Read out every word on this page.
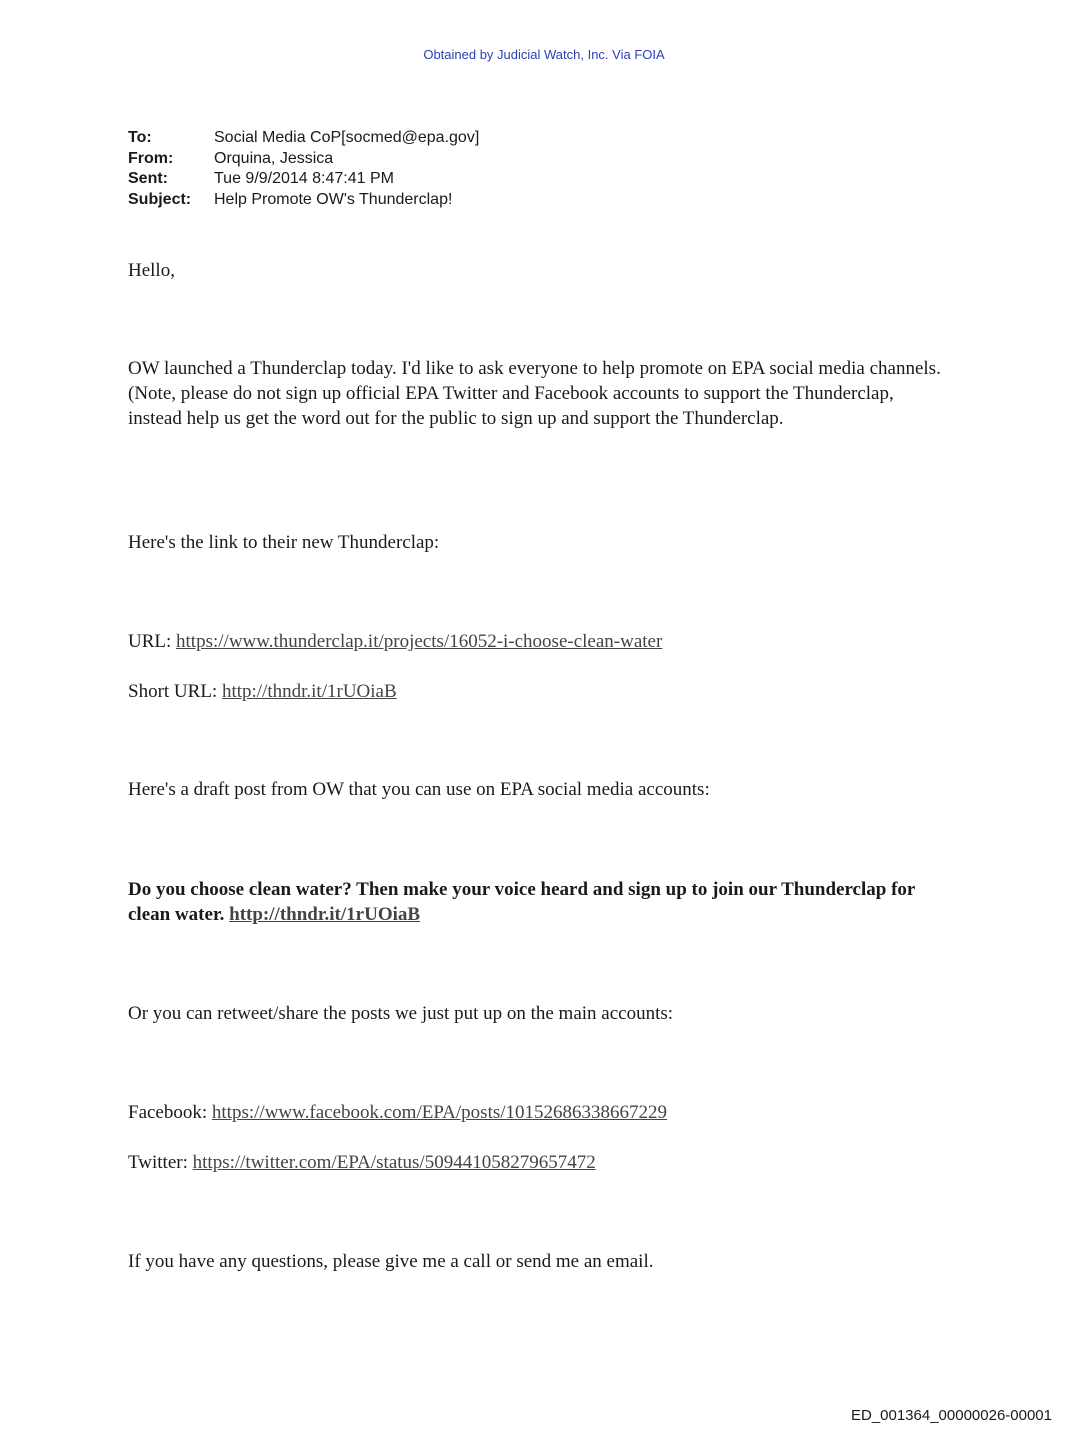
Obtained by Judicial Watch, Inc. Via FOIA
To:	Social Media CoP[socmed@epa.gov]
From:	Orquina, Jessica
Sent:	Tue 9/9/2014 8:47:41 PM
Subject:	Help Promote OW's Thunderclap!
Hello,
OW launched a Thunderclap today. I'd like to ask everyone to help promote on EPA social media channels. (Note, please do not sign up official EPA Twitter and Facebook accounts to support the Thunderclap, instead help us get the word out for the public to sign up and support the Thunderclap.
Here's the link to their new Thunderclap:
URL: https://www.thunderclap.it/projects/16052-i-choose-clean-water
Short URL: http://thndr.it/1rUOiaB
Here's a draft post from OW that you can use on EPA social media accounts:
Do you choose clean water? Then make your voice heard and sign up to join our Thunderclap for clean water. http://thndr.it/1rUOiaB
Or you can retweet/share the posts we just put up on the main accounts:
Facebook: https://www.facebook.com/EPA/posts/10152686338667229
Twitter: https://twitter.com/EPA/status/509441058279657472
If you have any questions, please give me a call or send me an email.
ED_001364_00000026-00001
